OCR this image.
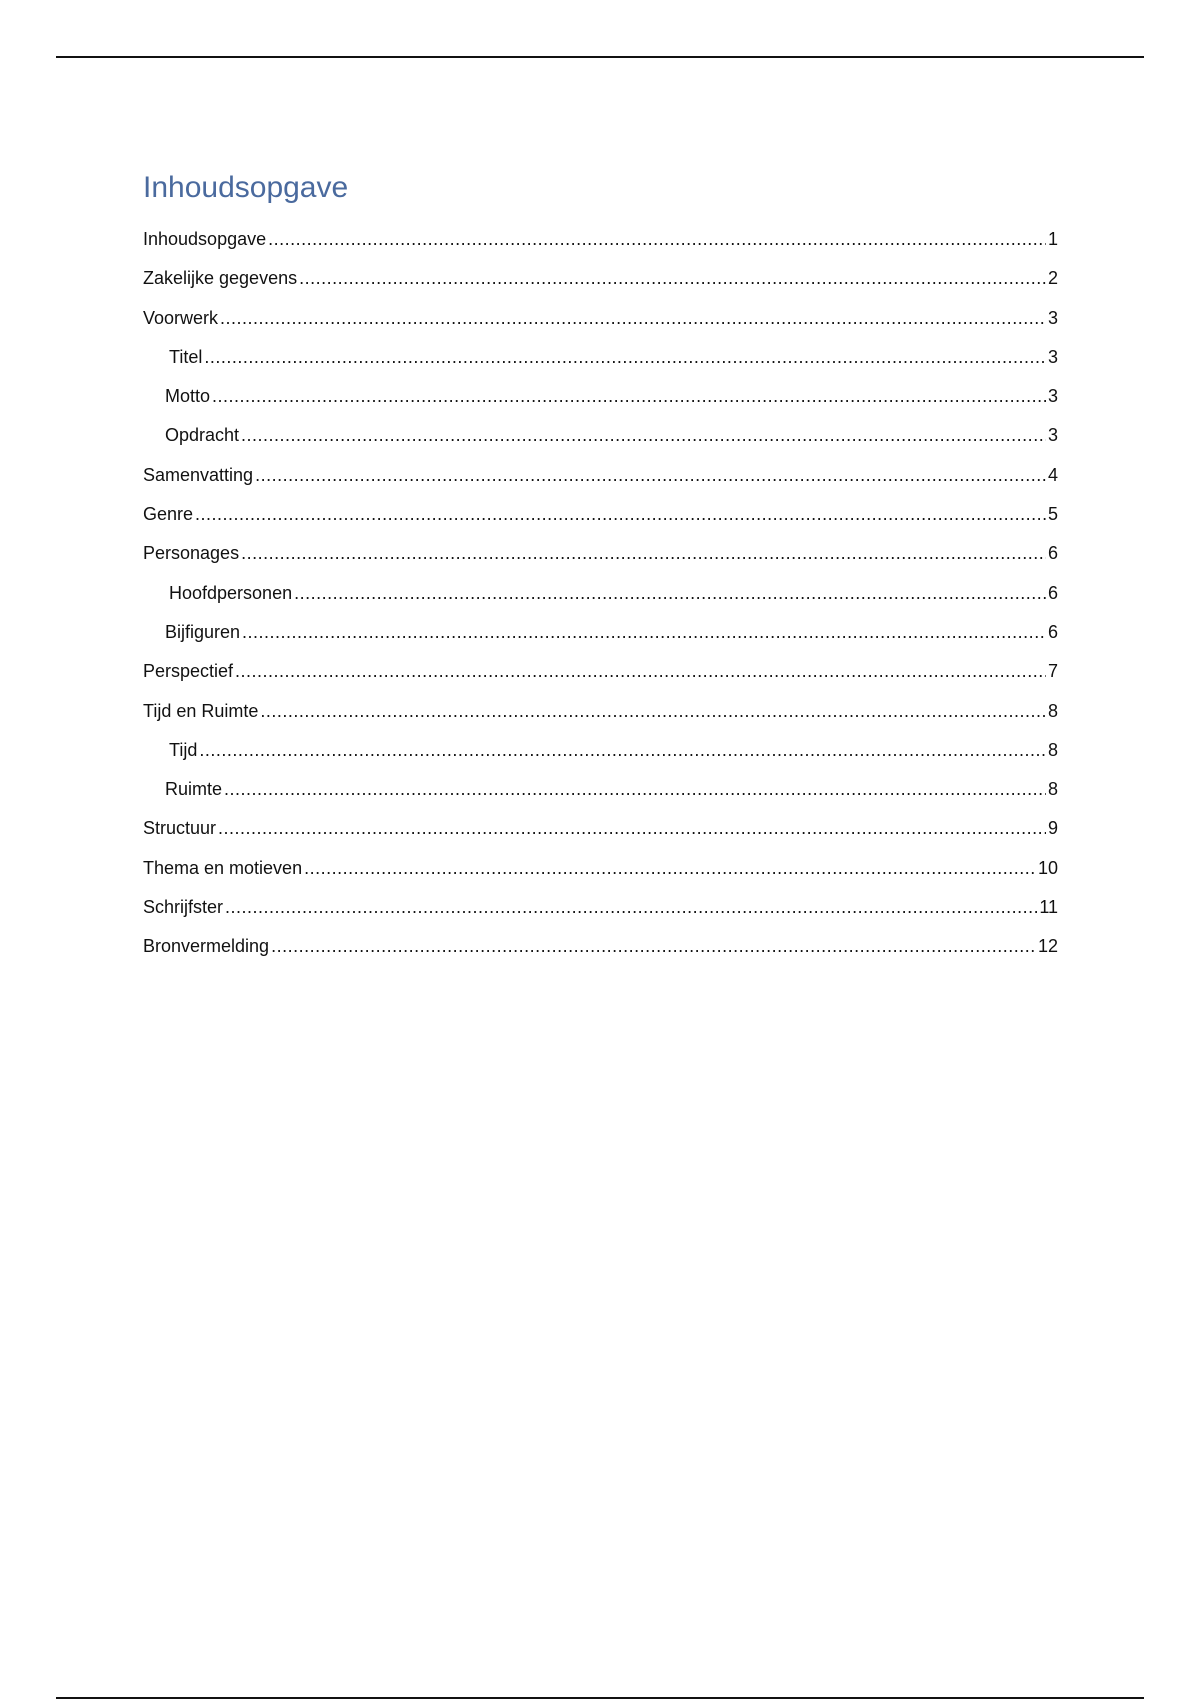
Inhoudsopgave
Inhoudsopgave .....	1
Zakelijke gegevens .....	2
Voorwerk .....	3
Titel .....	3
Motto .....	3
Opdracht .....	3
Samenvatting .....	4
Genre .....	5
Personages .....	6
Hoofdpersonen .....	6
Bijfiguren .....	6
Perspectief .....	7
Tijd en Ruimte .....	8
Tijd .....	8
Ruimte .....	8
Structuur .....	9
Thema en motieven .....	10
Schrijfster .....	11
Bronvermelding .....	12
